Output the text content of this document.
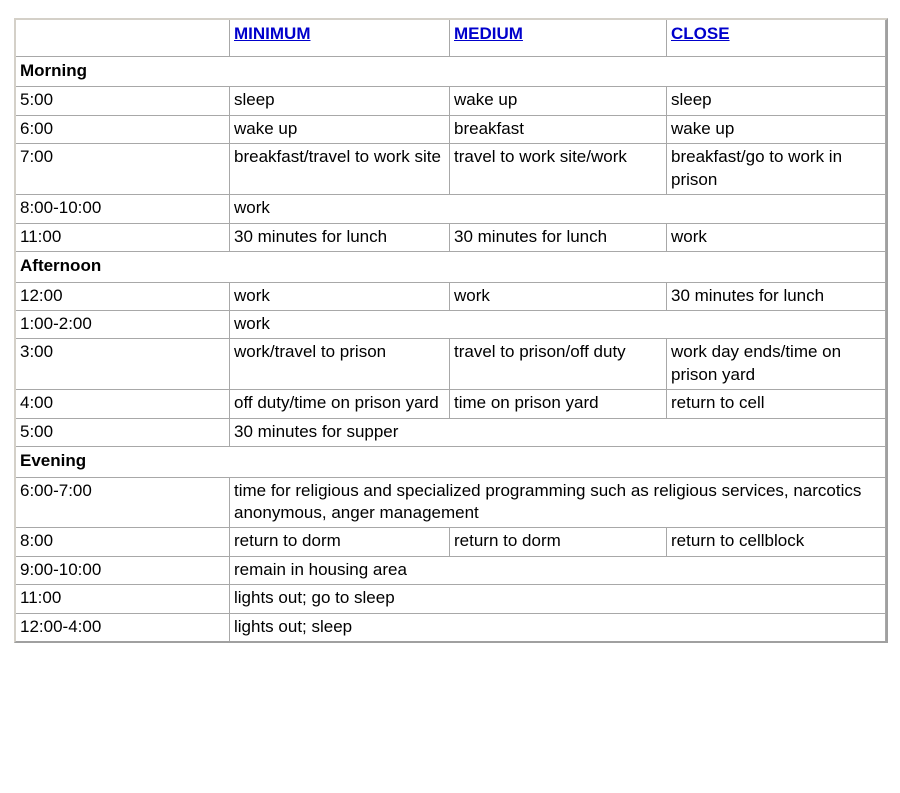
	MINIMUM	MEDIUM	CLOSE
Morning			
5:00	sleep	wake up	sleep
6:00	wake up	breakfast	wake up
7:00	breakfast/travel to work site	travel to work site/work	breakfast/go to work in prison
8:00-10:00	work		
11:00	30 minutes for lunch	30 minutes for lunch	work
Afternoon			
12:00	work	work	30 minutes for lunch
1:00-2:00	work		
3:00	work/travel to prison	travel to prison/off duty	work day ends/time on prison yard
4:00	off duty/time on prison yard	time on prison yard	return to cell
5:00	30 minutes for supper		
Evening			
6:00-7:00	time for religious and specialized programming such as religious services, narcotics anonymous, anger management		
8:00	return to dorm	return to dorm	return to cellblock
9:00-10:00	remain in housing area		
11:00	lights out; go to sleep		
12:00-4:00	lights out; sleep		
